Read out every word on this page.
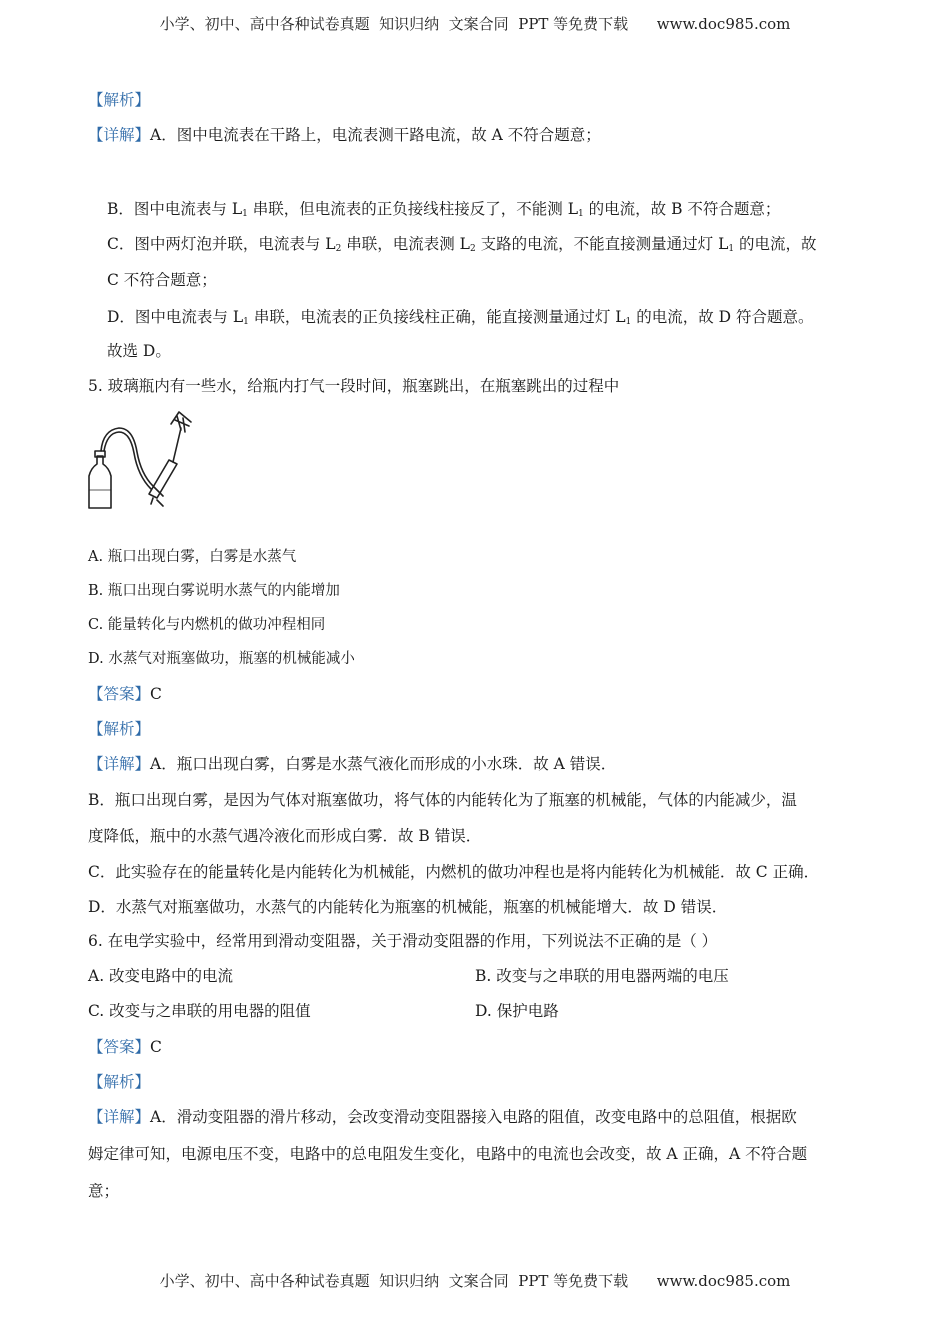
小学、初中、高中各种试卷真题  知识归纳  文案合同  PPT 等免费下载      www.doc985.com
【解析】
【详解】A．图中电流表在干路上，电流表测干路电流，故 A 不符合题意；
B．图中电流表与 $L_1$ 串联，但电流表的正负接线柱接反了，不能测 $L_1$ 的电流，故 B 不符合题意；
C．图中两灯泡并联，电流表与 $L_2$ 串联，电流表测 $L_2$ 支路的电流，不能直接测量通过灯 $L_1$ 的电流，故
C 不符合题意；
D．图中电流表与 $L_1$ 串联，电流表的正负接线柱正确，能直接测量通过灯 $L_1$ 的电流，故 D 符合题意。
故选 D。
5. 玻璃瓶内有一些水，给瓶内打气一段时间，瓶塞跳出，在瓶塞跳出的过程中
A. 瓶口出现白雾，白雾是水蒸气
B. 瓶口出现白雾说明水蒸气的内能增加
C. 能量转化与内燃机的做功冲程相同
D. 水蒸气对瓶塞做功，瓶塞的机械能减小
【答案】C
【解析】
【详解】A．瓶口出现白雾，白雾是水蒸气液化而形成的小水珠．故 A 错误．
B．瓶口出现白雾，是因为气体对瓶塞做功，将气体的内能转化为了瓶塞的机械能，气体的内能减少，温
度降低，瓶中的水蒸气遇冷液化而形成白雾．故 B 错误．
C．此实验存在的能量转化是内能转化为机械能，内燃机的做功冲程也是将内能转化为机械能．故 C 正确．
D．水蒸气对瓶塞做功，水蒸气的内能转化为瓶塞的机械能，瓶塞的机械能增大．故 D 错误．
6. 在电学实验中，经常用到滑动变阻器，关于滑动变阻器的作用，下列说法不正确的是（ ）
A. 改变电路中的电流	B. 改变与之串联的用电器两端的电压
C. 改变与之串联的用电器的阻值	D. 保护电路
【答案】C
【解析】
【详解】A．滑动变阻器的滑片移动，会改变滑动变阻器接入电路的阻值，改变电路中的总阻值，根据欧
姆定律可知，电源电压不变，电路中的总电阻发生变化，电路中的电流也会改变，故 A 正确，A 不符合题
意；
小学、初中、高中各种试卷真题  知识归纳  文案合同  PPT 等免费下载      www.doc985.com
